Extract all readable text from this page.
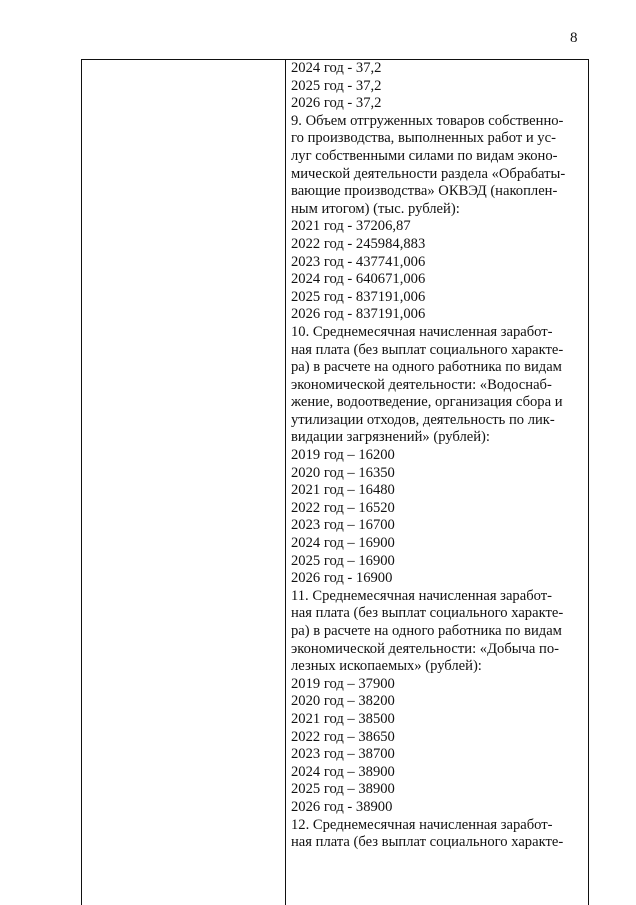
8
2024 год - 37,2
2025 год - 37,2
2026 год - 37,2
9. Объем отгруженных товаров собственно-
го производства, выполненных работ и ус-
луг собственными силами по видам эконо-
мической деятельности раздела «Обрабаты-
вающие производства» ОКВЭД (накоплен-
ным итогом) (тыс. рублей):
2021 год - 37206,87
2022 год - 245984,883
2023 год - 437741,006
2024 год - 640671,006
2025 год - 837191,006
2026 год - 837191,006
10. Среднемесячная начисленная заработ-
ная плата (без выплат социального характе-
ра) в расчете на одного работника по видам
экономической деятельности: «Водоснаб-
жение, водоотведение, организация сбора и
утилизации отходов, деятельность по лик-
видации загрязнений» (рублей):
2019 год – 16200
2020 год – 16350
2021 год – 16480
2022 год – 16520
2023 год – 16700
2024 год – 16900
2025 год – 16900
2026 год - 16900
11. Среднемесячная начисленная заработ-
ная плата (без выплат социального характе-
ра) в расчете на одного работника по видам
экономической деятельности: «Добыча по-
лезных ископаемых» (рублей):
2019 год – 37900
2020 год – 38200
2021 год – 38500
2022 год – 38650
2023 год – 38700
2024 год – 38900
2025 год – 38900
2026 год - 38900
12. Среднемесячная начисленная заработ-
ная плата (без выплат социального характе-
